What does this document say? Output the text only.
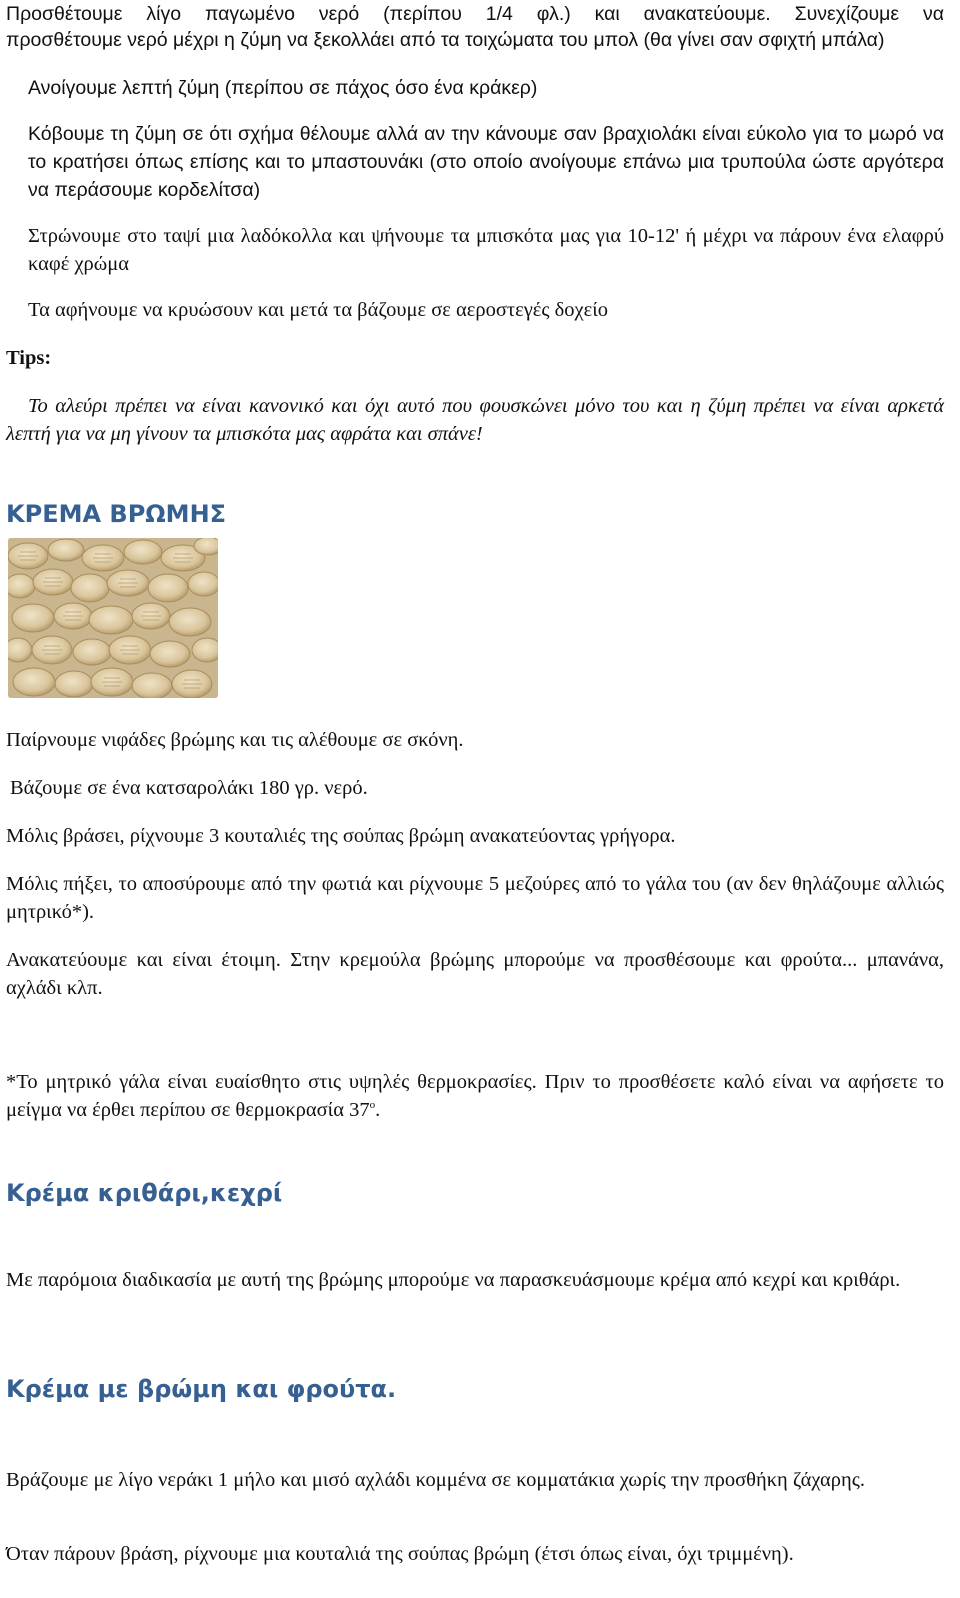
Προσθέτουμε λίγο παγωμένο νερό (περίπου 1/4 φλ.) και ανακατεύουμε. Συνεχίζουμε να

προσθέτουμε νερό μέχρι η ζύμη να ξεκολλάει από τα τοιχώματα του μπολ (θα γίνει σαν σφιχτή μπάλα)

Ανοίγουμε λεπτή ζύμη (περίπου σε πάχος όσο ένα κράκερ)

Κόβουμε τη ζύμη σε ότι σχήμα θέλουμε αλλά αν την κάνουμε σαν βραχιολάκι είναι εύκολο για το μωρό να το κρατήσει όπως επίσης και το μπαστουνάκι (στο οποίο ανοίγουμε επάνω μια τρυπούλα ώστε αργότερα να περάσουμε κορδελίτσα)

Στρώνουμε στο ταψί μια λαδόκολλα και ψήνουμε τα μπισκότα μας για 10-12' ή μέχρι να πάρουν ένα ελαφρύ καφέ χρώμα

Τα αφήνουμε να κρυώσουν και μετά τα βάζουμε σε αεροστεγές δοχείο

Tips:

Το αλεύρι πρέπει να είναι κανονικό και όχι αυτό που φουσκώνει μόνο του και η ζύμη πρέπει να είναι αρκετά λεπτή για να μη γίνουν τα μπισκότα μας αφράτα και σπάνε!

ΚΡΕΜΑ ΒΡΩΜΗΣ

Παίρνουμε νιφάδες βρώμης και τις αλέθουμε σε σκόνη.

Βάζουμε σε ένα κατσαρολάκι 180 γρ. νερό.

Μόλις βράσει, ρίχνουμε 3 κουταλιές της σούπας βρώμη ανακατεύοντας γρήγορα.

Μόλις πήξει, το αποσύρουμε από την φωτιά και ρίχνουμε 5 μεζούρες από το γάλα του (αν δεν θηλάζουμε αλλιώς μητρικό*).

Ανακατεύουμε και είναι έτοιμη. Στην κρεμούλα βρώμης μπορούμε να προσθέσουμε και φρούτα... μπανάνα, αχλάδι κλπ.

*Το μητρικό γάλα είναι ευαίσθητο στις υψηλές θερμοκρασίες. Πριν το προσθέσετε καλό είναι να αφήσετε το μείγμα να έρθει περίπου σε θερμοκρασία $37^o$.

Κρέμα κριθάρι,κεχρί

Με παρόμοια διαδικασία με αυτή της βρώμης μπορούμε να παρασκευάσμουμε κρέμα από κεχρί και κριθάρι.

Κρέμα με βρώμη και φρούτα.

Βράζουμε με λίγο νεράκι 1 μήλο και μισό αχλάδι κομμένα σε κομματάκια χωρίς την προσθήκη ζάχαρης.

Όταν πάρουν βράση, ρίχνουμε μια κουταλιά της σούπας βρώμη (έτσι όπως είναι, όχι τριμμένη).
